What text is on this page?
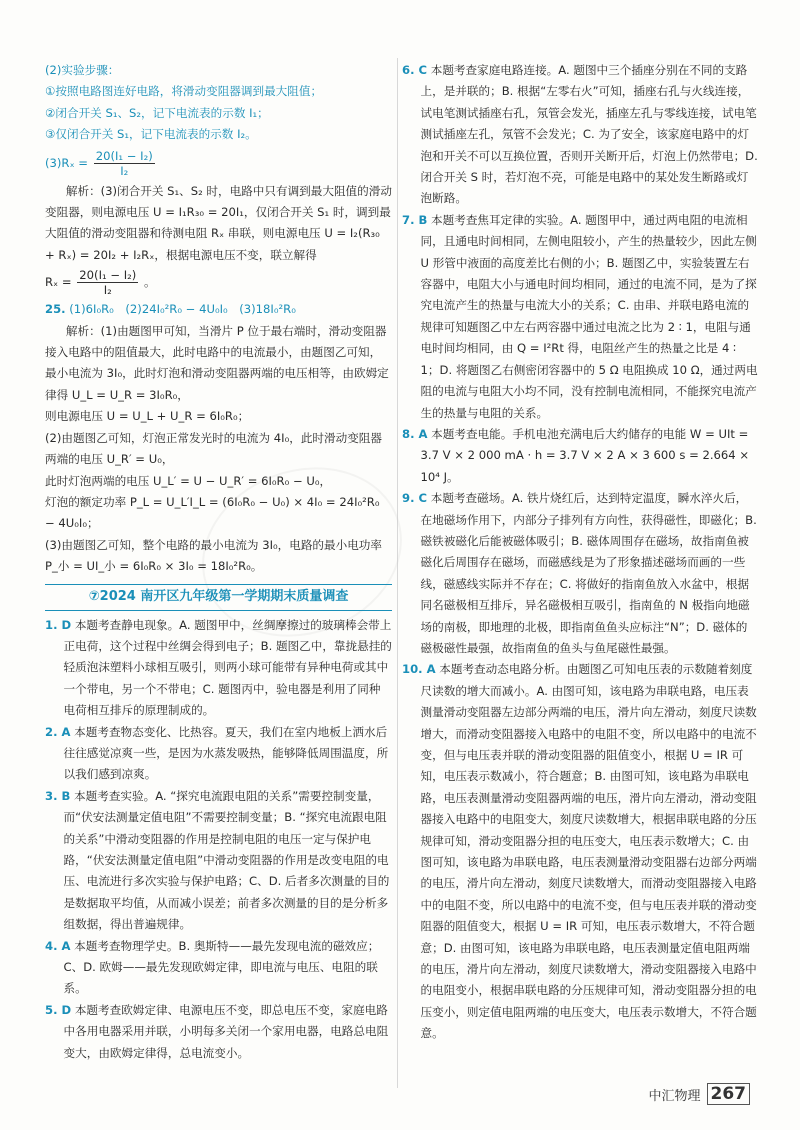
(2)实验步骤：

①按照电路图连好电路，将滑动变阻器调到最大阻值；

②闭合开关 S₁、S₂，记下电流表的示数 I₁；

③仅闭合开关 S₁，记下电流表的示数 I₂。

$(3)R_x = \frac{\text{20(I₁ − I₂)}}{\text{I₂}}$

解析：(3)闭合开关 S₁、S₂ 时，电路中只有调到最大阻值的滑动变阻器，则电源电压 U = I₁R₃₀ = 20I₁，仅闭合开关 S₁ 时，调到最大阻值的滑动变阻器和待测电阻 Rₓ 串联，则电源电压 U = I₂(R₃₀ + Rₓ) = 20I₂ + I₂Rₓ，根据电源电压不变，联立解得

$R_x = \frac{\text{20(I₁ − I₂)}}{\text{I₂}}$ 。

25. (1)6I₀R₀　(2)24I₀²R₀ − 4U₀I₀　(3)18I₀²R₀

解析：(1)由题图甲可知，当滑片 P 位于最右端时，滑动变阻器接入电路中的阻值最大，此时电路中的电流最小，由题图乙可知，最小电流为 3I₀，此时灯泡和滑动变阻器两端的电压相等，由欧姆定律得 U_L = U_R = 3I₀R₀，

则电源电压 U = U_L + U_R = 6I₀R₀；

(2)由题图乙可知，灯泡正常发光时的电流为 4I₀，此时滑动变阻器两端的电压 U_R′ = U₀，

此时灯泡两端的电压 U_L′ = U − U_R′ = 6I₀R₀ − U₀，

灯泡的额定功率 P_L = U_L′I_L = (6I₀R₀ − U₀) × 4I₀ = 24I₀²R₀ − 4U₀I₀；

(3)由题图乙可知，整个电路的最小电流为 3I₀，电路的最小电功率 P_小 = UI_小 = 6I₀R₀ × 3I₀ = 18I₀²R₀。

⑦2024 南开区九年级第一学期期末质量调查

1. D 本题考查静电现象。A. 题图甲中，丝绸摩擦过的玻璃棒会带上正电荷，这个过程中丝绸会得到电子；B. 题图乙中，靠拢悬挂的轻质泡沫塑料小球相互吸引，则两小球可能带有异种电荷或其中一个带电，另一个不带电；C. 题图丙中，验电器是利用了同种电荷相互排斥的原理制成的。

2. A 本题考查物态变化、比热容。夏天，我们在室内地板上洒水后往往感觉凉爽一些，是因为水蒸发吸热，能够降低周围温度，所以我们感到凉爽。

3. B 本题考查实验。A. “探究电流跟电阻的关系”需要控制变量，而“伏安法测量定值电阻”不需要控制变量；B. “探究电流跟电阻的关系”中滑动变阻器的作用是控制电阻的电压一定与保护电路，“伏安法测量定值电阻”中滑动变阻器的作用是改变电阻的电压、电流进行多次实验与保护电路；C、D. 后者多次测量的目的是数据取平均值，从而减小误差；前者多次测量的目的是分析多组数据，得出普遍规律。

4. A 本题考查物理学史。B. 奥斯特——最先发现电流的磁效应；C、D. 欧姆——最先发现欧姆定律，即电流与电压、电阻的联系。

5. D 本题考查欧姆定律、电源电压不变，即总电压不变，家庭电路中各用电器采用并联，小明每多关闭一个家用电器，电路总电阻变大，由欧姆定律得，总电流变小。

6. C 本题考查家庭电路连接。A. 题图中三个插座分别在不同的支路上，是并联的；B. 根据“左零右火”可知，插座右孔与火线连接，试电笔测试插座右孔，氖管会发光，插座左孔与零线连接，试电笔测试插座左孔，氖管不会发光；C. 为了安全，该家庭电路中的灯泡和开关不可以互换位置，否则开关断开后，灯泡上仍然带电；D. 闭合开关 S 时，若灯泡不亮，可能是电路中的某处发生断路或灯泡断路。

7. B 本题考查焦耳定律的实验。A. 题图甲中，通过两电阻的电流相同，且通电时间相同，左侧电阻较小，产生的热量较少，因此左侧 U 形管中液面的高度差比右侧的小；B. 题图乙中，实验装置左右容器中，电阻大小与通电时间均相同，通过的电流不同，是为了探究电流产生的热量与电流大小的关系；C. 由串、并联电路电流的规律可知题图乙中左右两容器中通过电流之比为 2 ∶ 1，电阻与通电时间均相同，由 Q = I²Rt 得，电阻丝产生的热量之比是 4 ∶ 1；D. 将题图乙右侧密闭容器中的 5 Ω 电阻换成 10 Ω，通过两电阻的电流与电阻大小均不同，没有控制电流相同，不能探究电流产生的热量与电阻的关系。

8. A 本题考查电能。手机电池充满电后大约储存的电能 W = UIt = 3.7 V × 2 000 mA · h = 3.7 V × 2 A × 3 600 s = 2.664 × 10⁴ J。

9. C 本题考查磁场。A. 铁片烧红后，达到特定温度，瞬水淬火后，在地磁场作用下，内部分子排列有方向性，获得磁性，即磁化；B. 磁铁被磁化后能被磁体吸引；B. 磁体周围存在磁场，故指南鱼被磁化后周围存在磁场，而磁感线是为了形象描述磁场而画的一些线，磁感线实际并不存在；C. 将做好的指南鱼放入水盆中，根据同名磁极相互排斥，异名磁极相互吸引，指南鱼的 N 极指向地磁场的南极，即地理的北极，即指南鱼鱼头应标注“N”；D. 磁体的磁极磁性最强，故指南鱼的鱼头与鱼尾磁性最强。

10. A 本题考查动态电路分析。由题图乙可知电压表的示数随着刻度尺读数的增大而减小。A. 由图可知，该电路为串联电路，电压表测量滑动变阻器左边部分两端的电压，滑片向左滑动，刻度尺读数增大，而滑动变阻器接入电路中的电阻不变，所以电路中的电流不变，但与电压表并联的滑动变阻器的阻值变小，根据 U = IR 可知，电压表示数减小，符合题意；B. 由图可知，该电路为串联电路，电压表测量滑动变阻器两端的电压，滑片向左滑动，滑动变阻器接入电路中的电阻变大，刻度尺读数增大，根据串联电路的分压规律可知，滑动变阻器分担的电压变大，电压表示数增大；C. 由图可知，该电路为串联电路，电压表测量滑动变阻器右边部分两端的电压，滑片向左滑动，刻度尺读数增大，而滑动变阻器接入电路中的电阻不变，所以电路中的电流不变，但与电压表并联的滑动变阻器的阻值变大，根据 U = IR 可知，电压表示数增大，不符合题意；D. 由图可知，该电路为串联电路，电压表测量定值电阻两端的电压，滑片向左滑动，刻度尺读数增大，滑动变阻器接入电路中的电阻变小，根据串联电路的分压规律可知，滑动变阻器分担的电压变小，则定值电阻两端的电压变大，电压表示数增大，不符合题意。

中汇物理 267
